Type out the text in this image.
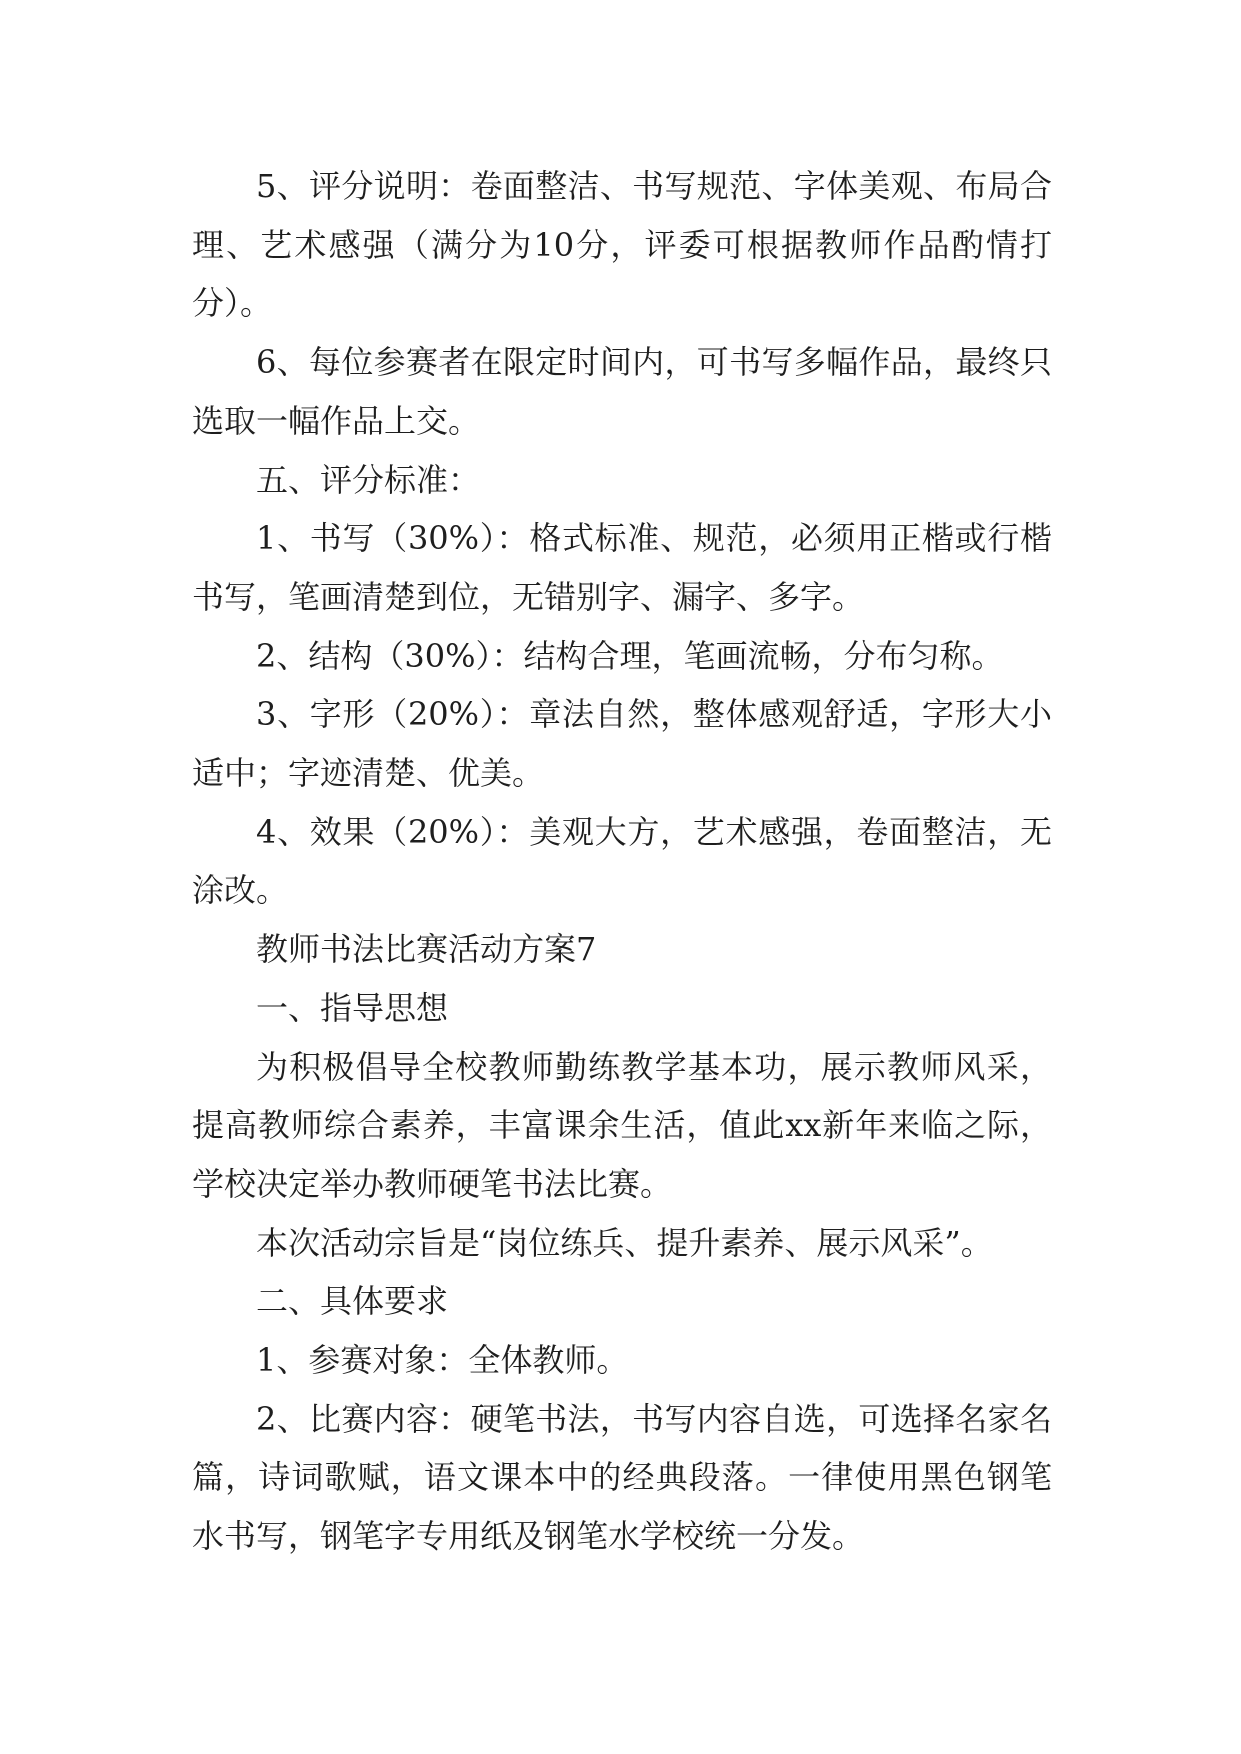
5、评分说明：卷面整洁、书写规范、字体美观、布局合理、艺术感强（满分为10分，评委可根据教师作品酌情打分）。

6、每位参赛者在限定时间内，可书写多幅作品，最终只选取一幅作品上交。

五、评分标准：

1、书写（30%）：格式标准、规范，必须用正楷或行楷书写，笔画清楚到位，无错别字、漏字、多字。

2、结构（30%）：结构合理，笔画流畅，分布匀称。

3、字形（20%）：章法自然，整体感观舒适，字形大小适中；字迹清楚、优美。

4、效果（20%）：美观大方，艺术感强，卷面整洁，无涂改。

教师书法比赛活动方案7

一、指导思想

为积极倡导全校教师勤练教学基本功，展示教师风采，提高教师综合素养，丰富课余生活，值此xx新年来临之际，学校决定举办教师硬笔书法比赛。

本次活动宗旨是“岗位练兵、提升素养、展示风采”。

二、具体要求

1、参赛对象：全体教师。

2、比赛内容：硬笔书法，书写内容自选，可选择名家名篇，诗词歌赋，语文课本中的经典段落。一律使用黑色钢笔水书写，钢笔字专用纸及钢笔水学校统一分发。
